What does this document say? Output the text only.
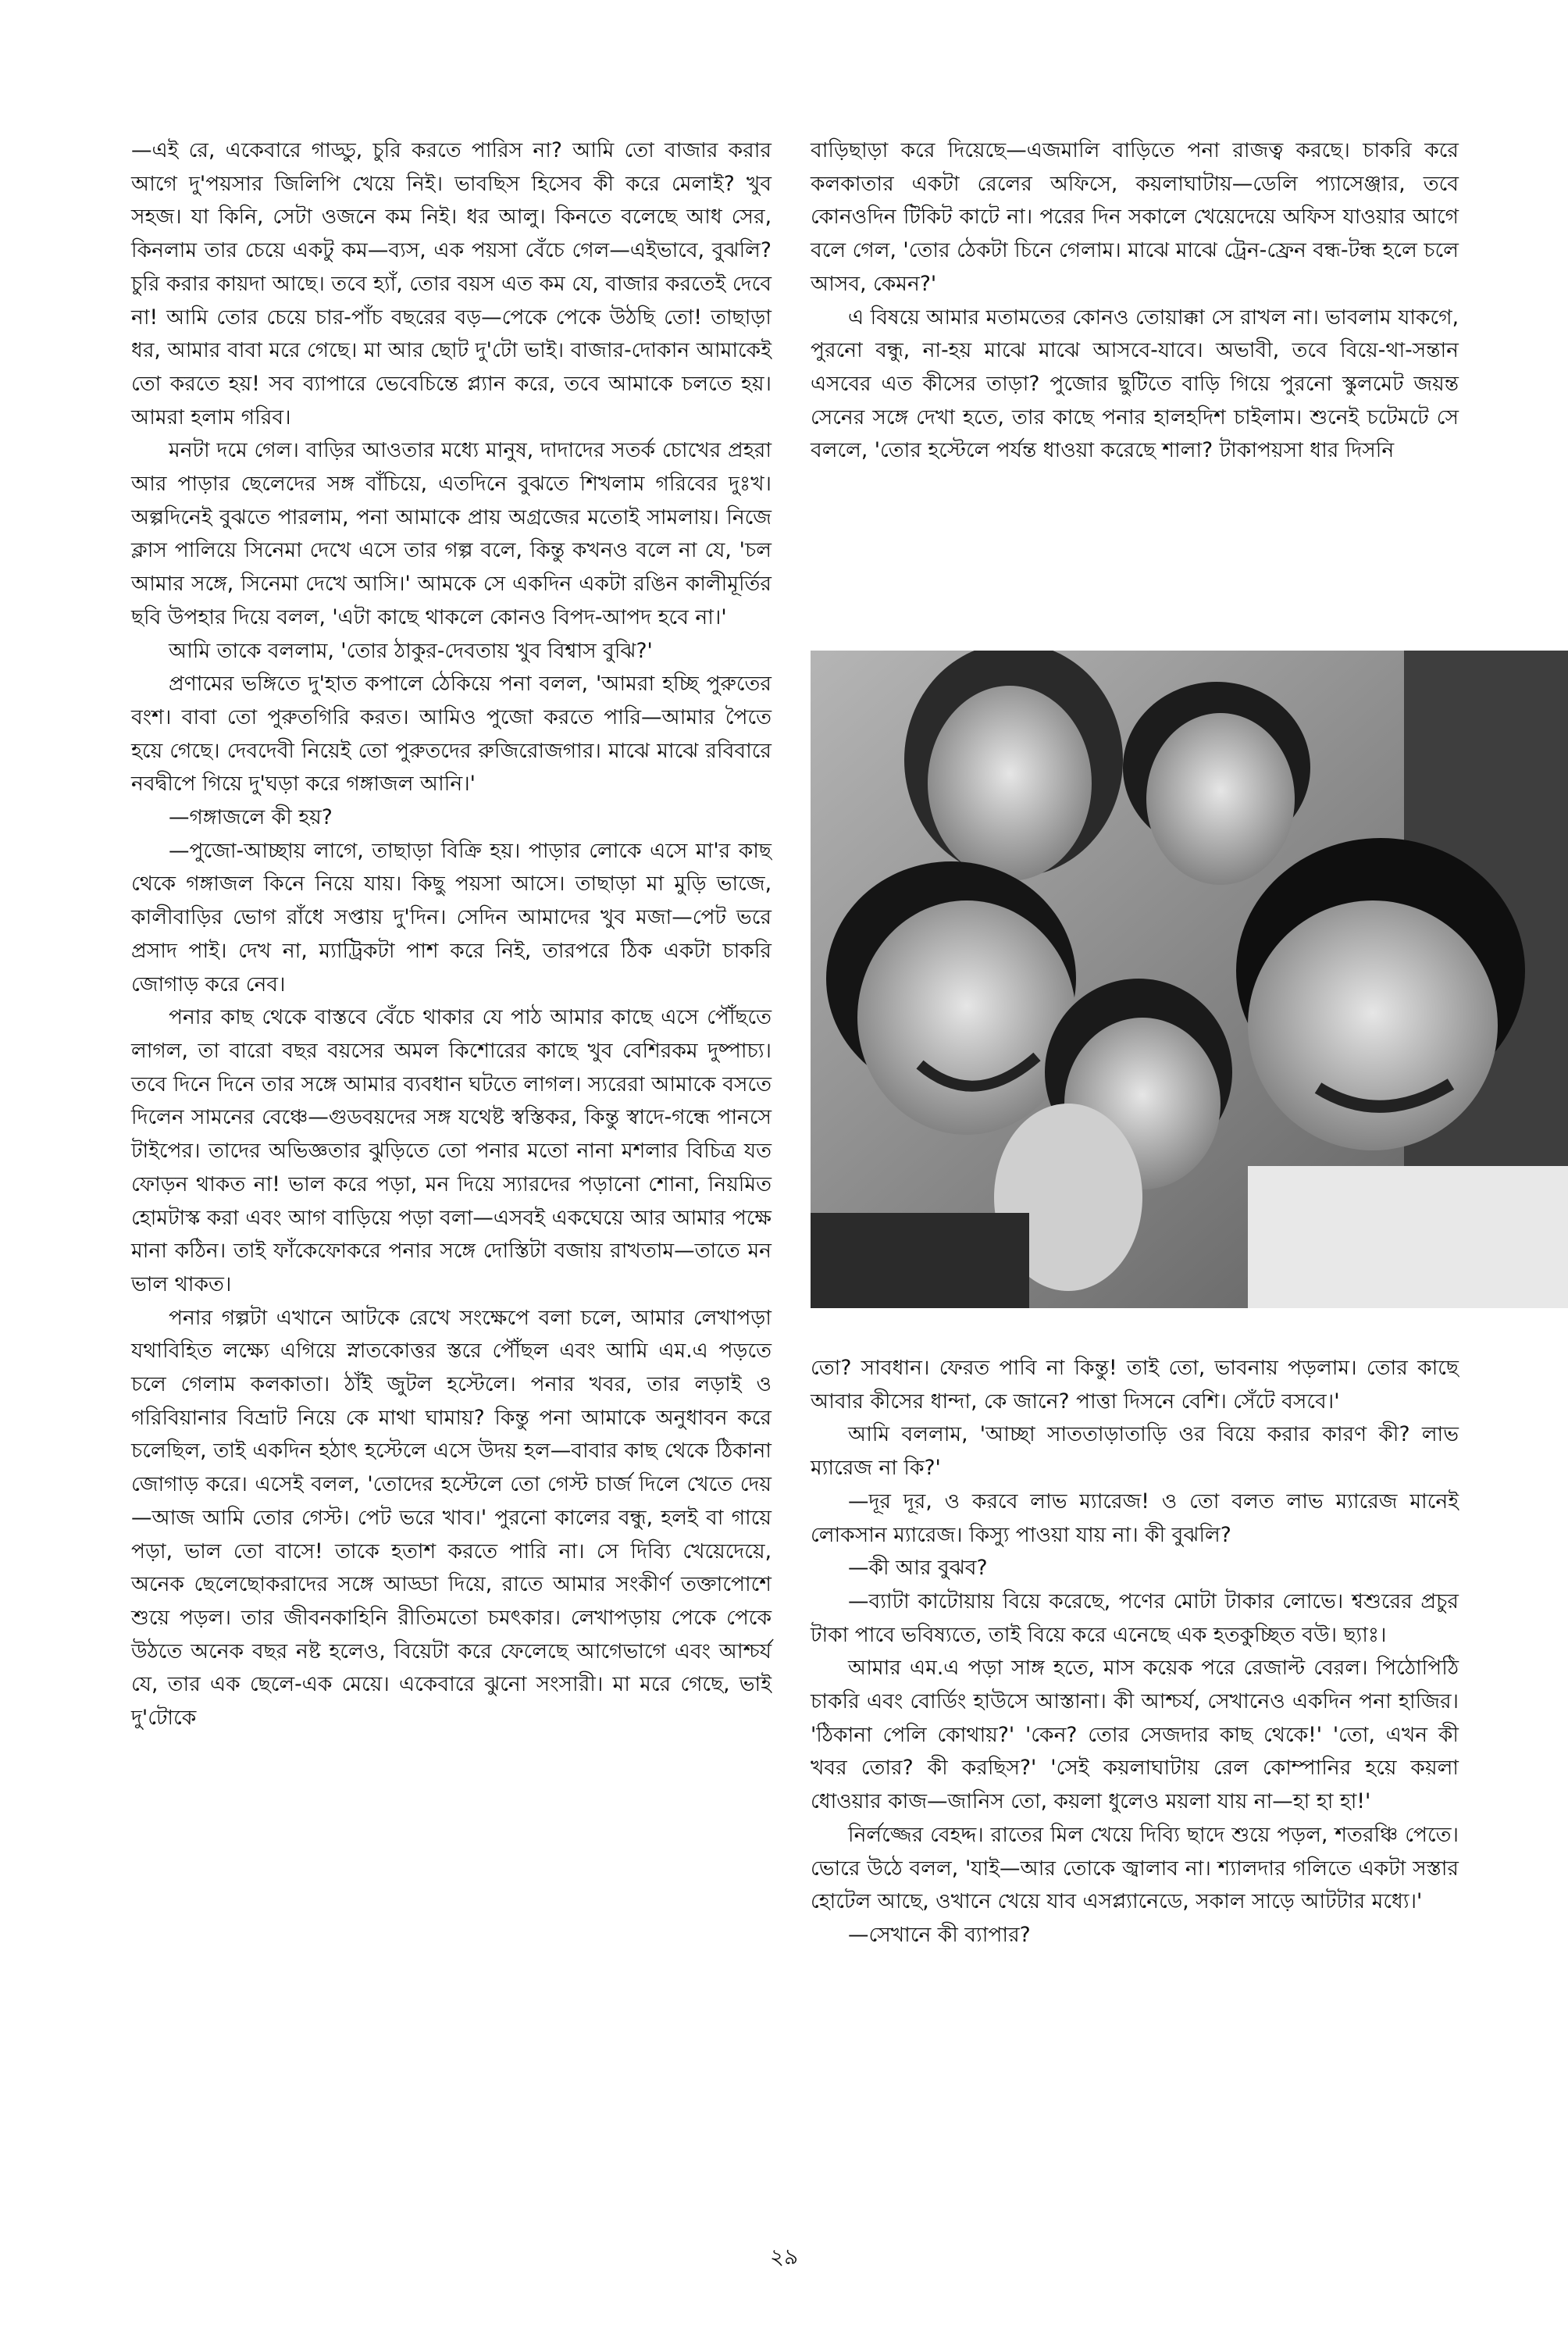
—এই রে, একেবারে গাড্ডু, চুরি করতে পারিস না? আমি তো বাজার করার আগে দু'পয়সার জিলিপি খেয়ে নিই। ভাবছিস হিসেব কী করে মেলাই? খুব সহজ। যা কিনি, সেটা ওজনে কম নিই। ধর আলু। কিনতে বলেছে আধ সের, কিনলাম তার চেয়ে একটু কম—ব্যস, এক পয়সা বেঁচে গেল—এইভাবে, বুঝলি? চুরি করার কায়দা আছে। তবে হ্যাঁ, তোর বয়স এত কম যে, বাজার করতেই দেবে না! আমি তোর চেয়ে চার-পাঁচ বছরের বড়—পেকে পেকে উঠছি তো! তাছাড়া ধর, আমার বাবা মরে গেছে। মা আর ছোট দু'টো ভাই। বাজার-দোকান আমাকেই তো করতে হয়! সব ব্যাপারে ভেবেচিন্তে প্ল্যান করে, তবে আমাকে চলতে হয়। আমরা হলাম গরিব।

মনটা দমে গেল। বাড়ির আওতার মধ্যে মানুষ, দাদাদের সতর্ক চোখের প্রহরা আর পাড়ার ছেলেদের সঙ্গ বাঁচিয়ে, এতদিনে বুঝতে শিখলাম গরিবের দুঃখ। অল্পদিনেই বুঝতে পারলাম, পনা আমাকে প্রায় অগ্রজের মতোই সামলায়। নিজে ক্লাস পালিয়ে সিনেমা দেখে এসে তার গল্প বলে, কিন্তু কখনও বলে না যে, 'চল আমার সঙ্গে, সিনেমা দেখে আসি।' আমকে সে একদিন একটা রঙিন কালীমূর্তির ছবি উপহার দিয়ে বলল, 'এটা কাছে থাকলে কোনও বিপদ-আপদ হবে না।'

আমি তাকে বললাম, 'তোর ঠাকুর-দেবতায় খুব বিশ্বাস বুঝি?'

প্রণামের ভঙ্গিতে দু'হাত কপালে ঠেকিয়ে পনা বলল, 'আমরা হচ্ছি পুরুতের বংশ। বাবা তো পুরুতগিরি করত। আমিও পুজো করতে পারি—আমার পৈতে হয়ে গেছে। দেবদেবী নিয়েই তো পুরুতদের রুজিরোজগার। মাঝে মাঝে রবিবারে নবদ্বীপে গিয়ে দু'ঘড়া করে গঙ্গাজল আনি।'

—গঙ্গাজলে কী হয়?

—পুজো-আচ্ছায় লাগে, তাছাড়া বিক্রি হয়। পাড়ার লোকে এসে মা'র কাছ থেকে গঙ্গাজল কিনে নিয়ে যায়। কিছু পয়সা আসে। তাছাড়া মা মুড়ি ভাজে, কালীবাড়ির ভোগ রাঁধে সপ্তায় দু'দিন। সেদিন আমাদের খুব মজা—পেট ভরে প্রসাদ পাই। দেখ না, ম্যাট্রিকটা পাশ করে নিই, তারপরে ঠিক একটা চাকরি জোগাড় করে নেব।

পনার কাছ থেকে বাস্তবে বেঁচে থাকার যে পাঠ আমার কাছে এসে পৌঁছতে লাগল, তা বারো বছর বয়সের অমল কিশোরের কাছে খুব বেশিরকম দুষ্পাচ্য। তবে দিনে দিনে তার সঙ্গে আমার ব্যবধান ঘটতে লাগল। স্যরেরা আমাকে বসতে দিলেন সামনের বেঞ্চে—গুডবয়দের সঙ্গ যথেষ্ট স্বস্তিকর, কিন্তু স্বাদে-গন্ধে পানসে টাইপের। তাদের অভিজ্ঞতার ঝুড়িতে তো পনার মতো নানা মশলার বিচিত্র যত ফোড়ন থাকত না! ভাল করে পড়া, মন দিয়ে স্যারদের পড়ানো শোনা, নিয়মিত হোমটাস্ক করা এবং আগ বাড়িয়ে পড়া বলা—এসবই একঘেয়ে আর আমার পক্ষে মানা কঠিন। তাই ফাঁকেফোকরে পনার সঙ্গে দোস্তিটা বজায় রাখতাম—তাতে মন ভাল থাকত।

পনার গল্পটা এখানে আটকে রেখে সংক্ষেপে বলা চলে, আমার লেখাপড়া যথাবিহিত লক্ষ্যে এগিয়ে স্নাতকোত্তর স্তরে পৌঁছল এবং আমি এম.এ পড়তে চলে গেলাম কলকাতা। ঠাঁই জুটল হস্টেলে। পনার খবর, তার লড়াই ও গরিবিয়ানার বিভ্রাট নিয়ে কে মাথা ঘামায়? কিন্তু পনা আমাকে অনুধাবন করে চলেছিল, তাই একদিন হঠাৎ হস্টেলে এসে উদয় হল—বাবার কাছ থেকে ঠিকানা জোগাড় করে। এসেই বলল, 'তোদের হস্টেলে তো গেস্ট চার্জ দিলে খেতে দেয়—আজ আমি তোর গেস্ট। পেট ভরে খাব।' পুরনো কালের বন্ধু, হলই বা গায়ে পড়া, ভাল তো বাসে! তাকে হতাশ করতে পারি না। সে দিব্যি খেয়েদেয়ে, অনেক ছেলেছোকরাদের সঙ্গে আড্ডা দিয়ে, রাতে আমার সংকীর্ণ তক্তাপোশে শুয়ে পড়ল। তার জীবনকাহিনি রীতিমতো চমৎকার। লেখাপড়ায় পেকে পেকে উঠতে অনেক বছর নষ্ট হলেও, বিয়েটা করে ফেলেছে আগেভাগে এবং আশ্চর্য যে, তার এক ছেলে-এক মেয়ে। একেবারে ঝুনো সংসারী। মা মরে গেছে, ভাই দু'টোকে

বাড়িছাড়া করে দিয়েছে—এজমালি বাড়িতে পনা রাজত্ব করছে। চাকরি করে কলকাতার একটা রেলের অফিসে, কয়লাঘাটায়—ডেলি প্যাসেঞ্জার, তবে কোনওদিন টিকিট কাটে না। পরের দিন সকালে খেয়েদেয়ে অফিস যাওয়ার আগে বলে গেল, 'তোর ঠেকটা চিনে গেলাম। মাঝে মাঝে ট্রেন-ফ্রেন বন্ধ-টন্ধ হলে চলে আসব, কেমন?'

এ বিষয়ে আমার মতামতের কোনও তোয়াক্কা সে রাখল না। ভাবলাম যাকগে, পুরনো বন্ধু, না-হয় মাঝে মাঝে আসবে-যাবে। অভাবী, তবে বিয়ে-থা-সন্তান এসবের এত কীসের তাড়া? পুজোর ছুটিতে বাড়ি গিয়ে পুরনো স্কুলমেট জয়ন্ত সেনের সঙ্গে দেখা হতে, তার কাছে পনার হালহদিশ চাইলাম। শুনেই চটেমটে সে বললে, 'তোর হস্টেলে পর্যন্ত ধাওয়া করেছে শালা? টাকাপয়সা ধার দিসনি

তো? সাবধান। ফেরত পাবি না কিন্তু! তাই তো, ভাবনায় পড়লাম। তোর কাছে আবার কীসের ধান্দা, কে জানে? পাত্তা দিসনে বেশি। সেঁটে বসবে।'

আমি বললাম, 'আচ্ছা সাততাড়াতাড়ি ওর বিয়ে করার কারণ কী? লাভ ম্যারেজ না কি?'

—দূর দূর, ও করবে লাভ ম্যারেজ! ও তো বলত লাভ ম্যারেজ মানেই লোকসান ম্যারেজ। কিস্যু পাওয়া যায় না। কী বুঝলি?

—কী আর বুঝব?

—ব্যাটা কাটোয়ায় বিয়ে করেছে, পণের মোটা টাকার লোভে। শ্বশুরের প্রচুর টাকা পাবে ভবিষ্যতে, তাই বিয়ে করে এনেছে এক হতকুচ্ছিত বউ। ছ্যাঃ।

আমার এম.এ পড়া সাঙ্গ হতে, মাস কয়েক পরে রেজাল্ট বেরল। পিঠোপিঠি চাকরি এবং বোর্ডিং হাউসে আস্তানা। কী আশ্চর্য, সেখানেও একদিন পনা হাজির। 'ঠিকানা পেলি কোথায়?' 'কেন? তোর সেজদার কাছ থেকে!' 'তো, এখন কী খবর তোর? কী করছিস?' 'সেই কয়লাঘাটায় রেল কোম্পানির হয়ে কয়লা ধোওয়ার কাজ—জানিস তো, কয়লা ধুলেও ময়লা যায় না—হা হা হা!'

নির্লজ্জের বেহদ্দ। রাতের মিল খেয়ে দিব্যি ছাদে শুয়ে পড়ল, শতরঞ্চি পেতে। ভোরে উঠে বলল, 'যাই—আর তোকে জ্বালাব না। শ্যালদার গলিতে একটা সস্তার হোটেল আছে, ওখানে খেয়ে যাব এসপ্ল্যানেডে, সকাল সাড়ে আটটার মধ্যে।'

—সেখানে কী ব্যাপার?

২৯
